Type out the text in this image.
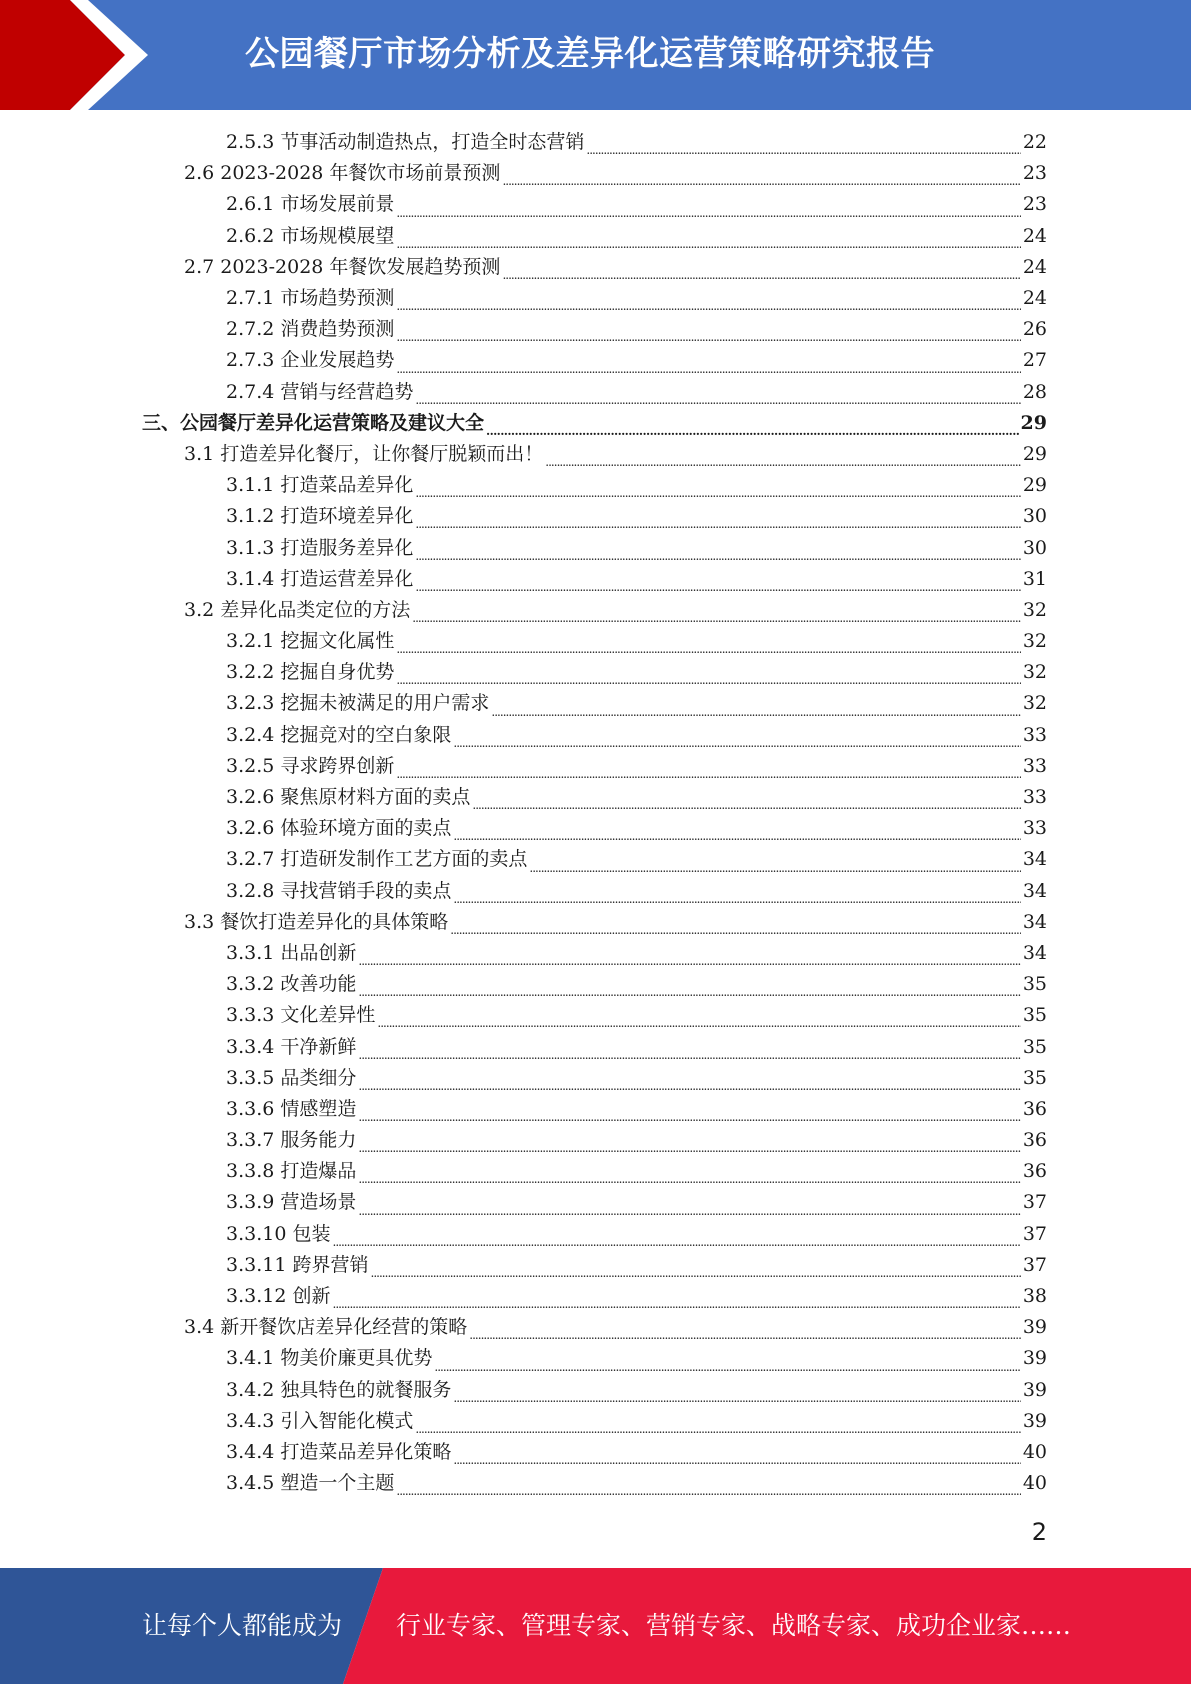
公园餐厅市场分析及差异化运营策略研究报告
2.5.3 节事活动制造热点，打造全时态营销 . . .	22
2.6 2023-2028 年餐饮市场前景预测 . . .	23
2.6.1 市场发展前景 . . .	23
2.6.2 市场规模展望 . . .	24
2.7 2023-2028 年餐饮发展趋势预测 . . .	24
2.7.1 市场趋势预测 . . .	24
2.7.2 消费趋势预测 . . .	26
2.7.3 企业发展趋势 . . .	27
2.7.4 营销与经营趋势 . . .	28
三、公园餐厅差异化运营策略及建议大全 . . .	29
3.1 打造差异化餐厅，让你餐厅脱颖而出！ . . .	29
3.1.1 打造菜品差异化 . . .	29
3.1.2 打造环境差异化 . . .	30
3.1.3 打造服务差异化 . . .	30
3.1.4 打造运营差异化 . . .	31
3.2 差异化品类定位的方法 . . .	32
3.2.1 挖掘文化属性 . . .	32
3.2.2 挖掘自身优势 . . .	32
3.2.3 挖掘未被满足的用户需求 . . .	32
3.2.4 挖掘竞对的空白象限 . . .	33
3.2.5 寻求跨界创新 . . .	33
3.2.6 聚焦原材料方面的卖点 . . .	33
3.2.6 体验环境方面的卖点 . . .	33
3.2.7 打造研发制作工艺方面的卖点 . . .	34
3.2.8 寻找营销手段的卖点 . . .	34
3.3 餐饮打造差异化的具体策略 . . .	34
3.3.1 出品创新 . . .	34
3.3.2 改善功能 . . .	35
3.3.3 文化差异性 . . .	35
3.3.4 干净新鲜 . . .	35
3.3.5 品类细分 . . .	35
3.3.6 情感塑造 . . .	36
3.3.7 服务能力 . . .	36
3.3.8 打造爆品 . . .	36
3.3.9 营造场景 . . .	37
3.3.10 包装 . . .	37
3.3.11 跨界营销 . . .	37
3.3.12 创新 . . .	38
3.4 新开餐饮店差异化经营的策略 . . .	39
3.4.1 物美价廉更具优势 . . .	39
3.4.2 独具特色的就餐服务 . . .	39
3.4.3 引入智能化模式 . . .	39
3.4.4 打造菜品差异化策略 . . .	40
3.4.5 塑造一个主题 . . .	40
2
让每个人都能成为 行业专家、管理专家、营销专家、战略专家、成功企业家……
